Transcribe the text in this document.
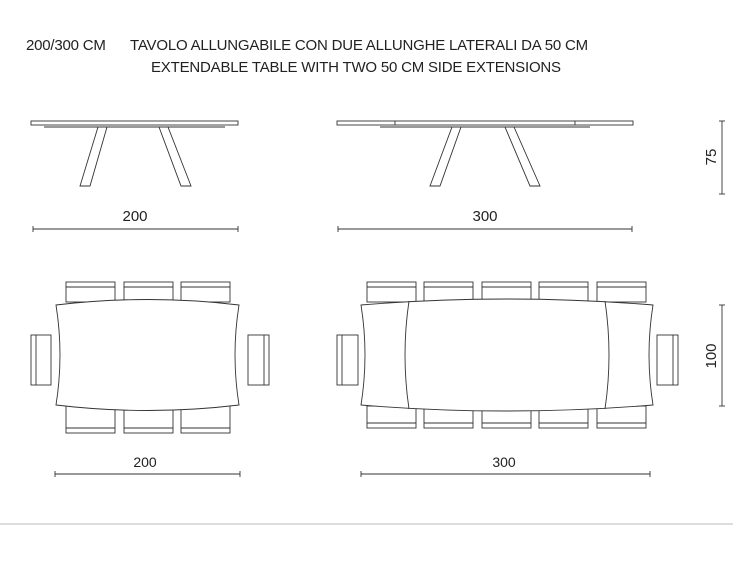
200/300 CM TAVOLO ALLUNGABILE CON DUE ALLUNGHE LATERALI DA 50 CM
EXTENDABLE TABLE WITH TWO 50 CM SIDE EXTENSIONS
200	300
75
200	300
100
